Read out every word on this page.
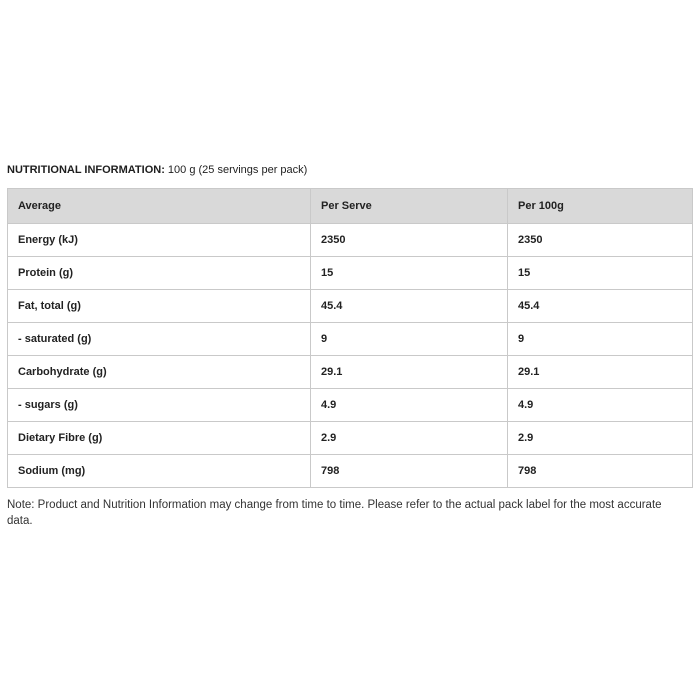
NUTRITIONAL INFORMATION: 100 g (25 servings per pack)

Average	Per Serve	Per 100g
Energy (kJ)	2350	2350
Protein (g)	15	15
Fat, total (g)	45.4	45.4
- saturated (g)	9	9
Carbohydrate (g)	29.1	29.1
- sugars (g)	4.9	4.9
Dietary Fibre (g)	2.9	2.9
Sodium (mg)	798	798

Note: Product and Nutrition Information may change from time to time. Please refer to the actual pack label for the most accurate data.
